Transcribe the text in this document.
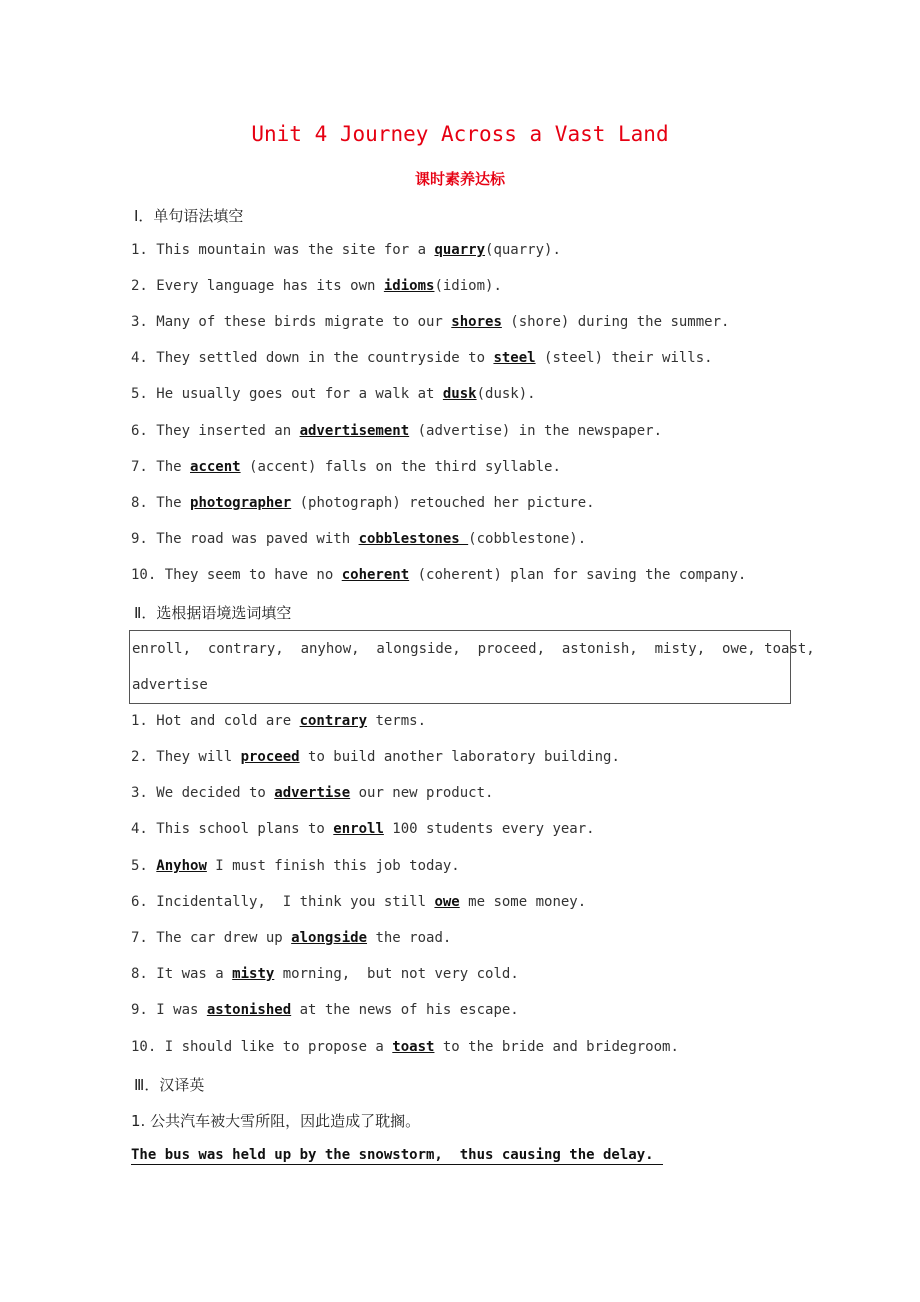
Unit 4 Journey Across a Vast Land
课时素养达标
Ⅰ．单句语法填空
1. This mountain was the site for a quarry(quarry).
2. Every language has its own idioms(idiom).
3. Many of these birds migrate to our shores (shore) during the summer.
4. They settled down in the countryside to steel (steel) their wills.
5. He usually goes out for a walk at dusk(dusk).
6. They inserted an advertisement (advertise) in the newspaper.
7. The accent (accent) falls on the third syllable.
8. The photographer (photograph) retouched her picture.
9. The road was paved with cobblestones (cobblestone).
10. They seem to have no coherent (coherent) plan for saving the company.
Ⅱ．选根据语境选词填空
enroll,  contrary,  anyhow,  alongside,  proceed,  astonish,  misty,  owe, toast,
advertise
1. Hot and cold are contrary terms.
2. They will proceed to build another laboratory building.
3. We decided to advertise our new product.
4. This school plans to enroll 100 students every year.
5. Anyhow I must finish this job today.
6. Incidentally,  I think you still owe me some money.
7. The car drew up alongside the road.
8. It was a misty morning,  but not very cold.
9. I was astonished at the news of his escape.
10. I should like to propose a toast to the bride and bridegroom.
Ⅲ．汉译英
1. 公共汽车被大雪所阻，因此造成了耽搁。
The bus was held up by the snowstorm,  thus causing the delay.
